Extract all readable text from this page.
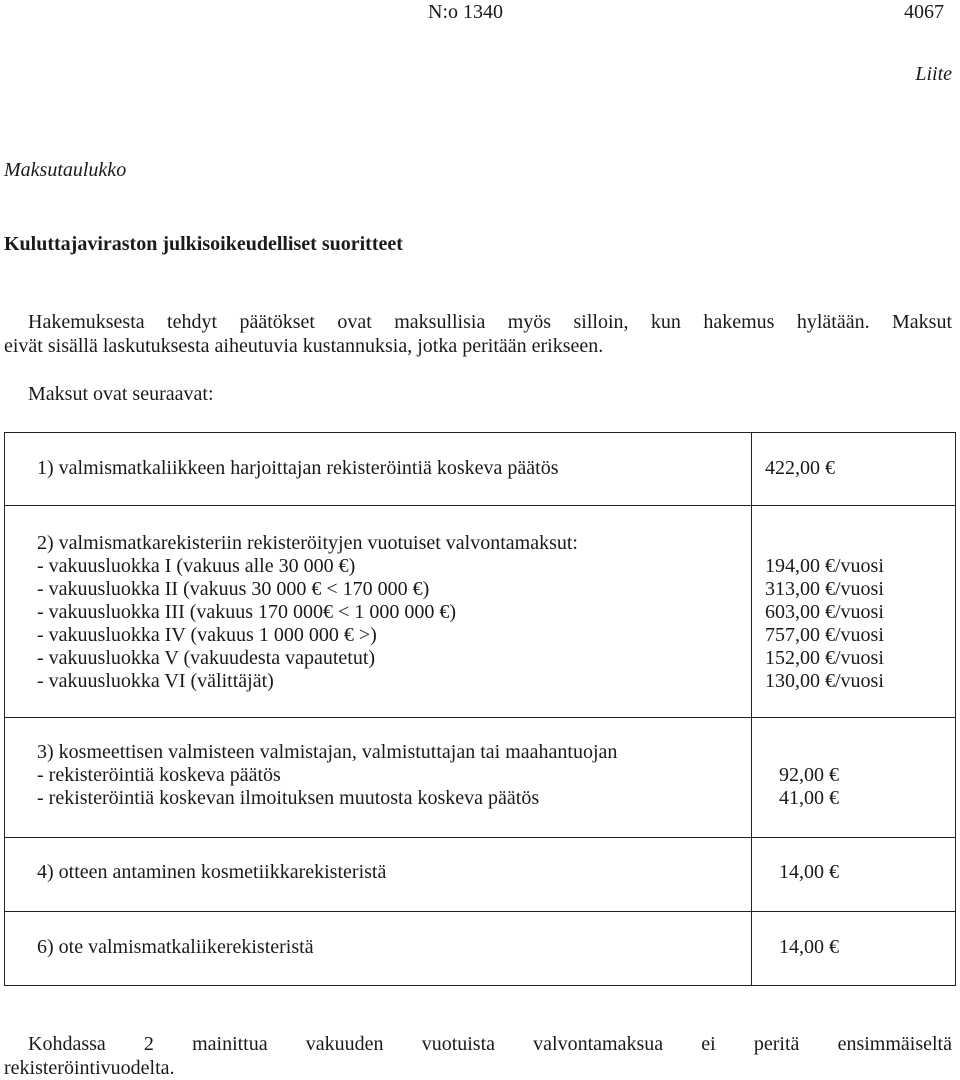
N:o 1340	4067
Liite
Maksutaulukko
Kuluttajaviraston julkisoikeudelliset suoritteet
Hakemuksesta tehdyt päätökset ovat maksullisia myös silloin, kun hakemus hylätään. Maksut
eivät sisällä laskutuksesta aiheutuvia kustannuksia, jotka peritään erikseen.
Maksut ovat seuraavat:
1) valmismatkaliikkeen harjoittajan rekisteröintiä koskeva päätös	422,00 €
2) valmismatkarekisteriin rekisteröityjen vuotuiset valvontamaksut:
- vakuusluokka I (vakuus alle 30 000 €)	194,00 €/vuosi
- vakuusluokka II (vakuus 30 000 € < 170 000 €)	313,00 €/vuosi
- vakuusluokka III (vakuus 170 000€ < 1 000 000 €)	603,00 €/vuosi
- vakuusluokka IV (vakuus 1 000 000 € >)	757,00 €/vuosi
- vakuusluokka V (vakuudesta vapautetut)	152,00 €/vuosi
- vakuusluokka VI (välittäjät)	130,00 €/vuosi
3) kosmeettisen valmisteen valmistajan, valmistuttajan tai maahantuojan
- rekisteröintiä koskeva päätös	92,00 €
- rekisteröintiä koskevan ilmoituksen muutosta koskeva päätös	41,00 €
4) otteen antaminen kosmetiikkarekisteristä	14,00 €
6) ote valmismatkaliikerekisteristä	14,00 €
Kohdassa 2 mainittua vakuuden vuotuista valvontamaksua ei peritä ensimmäiseltä
rekisteröintivuodelta.
